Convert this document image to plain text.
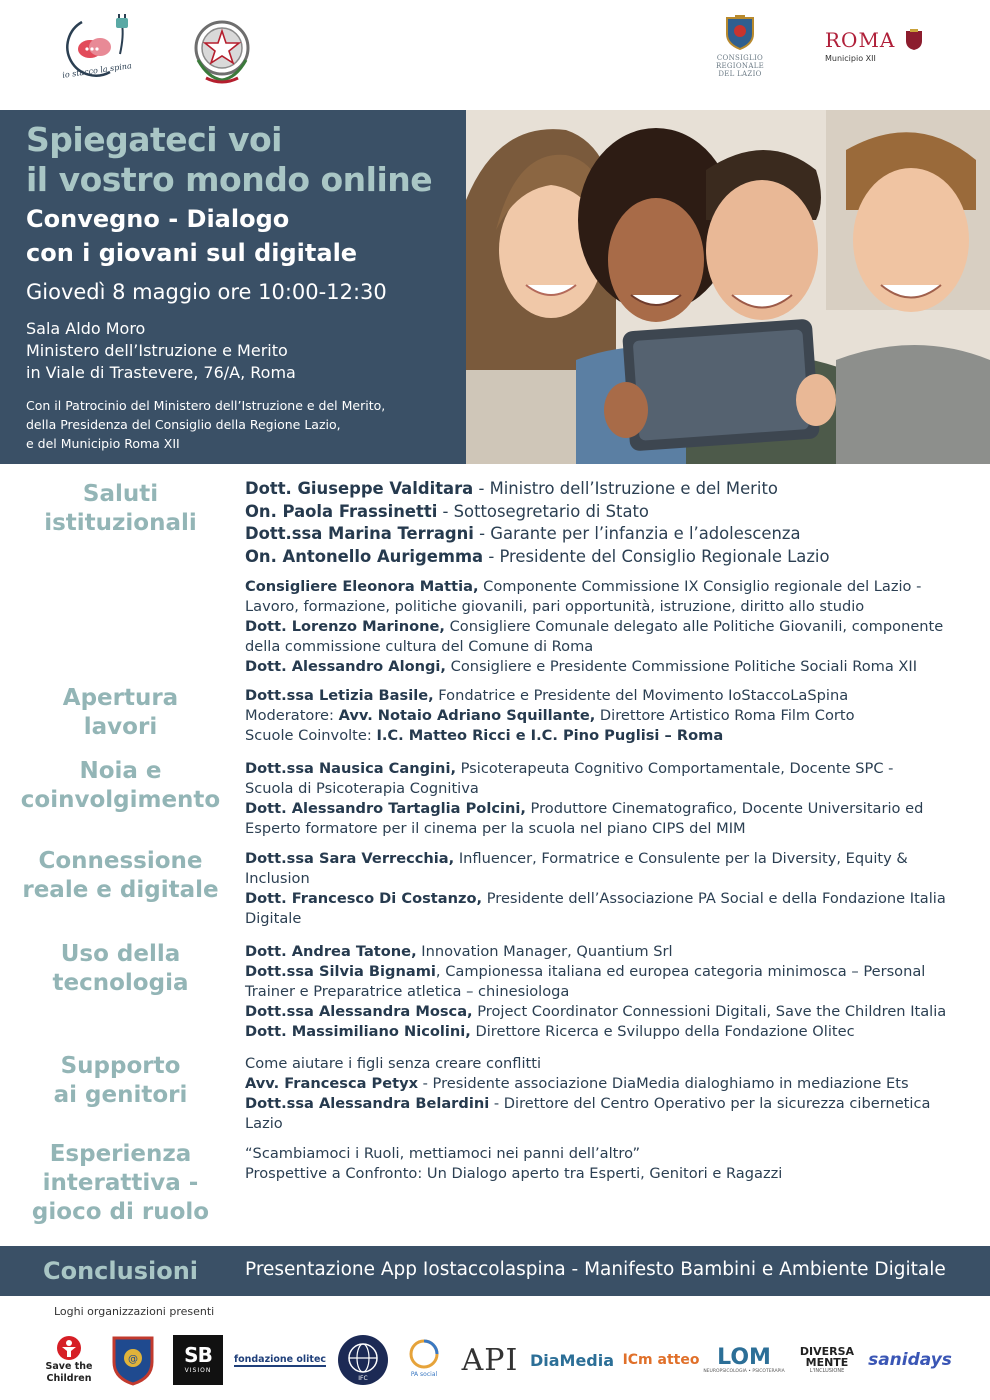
io stacco la spina
CONSIGLIO
REGIONALE
DEL LAZIO
ROMA
Municipio XII
Spiegateci voi
il vostro mondo online
Convegno - Dialogo
con i giovani sul digitale
Giovedì 8 maggio ore 10:00-12:30
Sala Aldo Moro
Ministero dell’Istruzione e Merito
in Viale di Trastevere, 76/A, Roma
Con il Patrocinio del Ministero dell’Istruzione e del Merito,
della Presidenza del Consiglio della Regione Lazio,
e del Municipio Roma XII
Saluti
istituzionali
Dott. Giuseppe Valditara - Ministro dell’Istruzione e del Merito
On. Paola Frassinetti - Sottosegretario di Stato
Dott.ssa Marina Terragni - Garante per l’infanzia e l’adolescenza
On. Antonello Aurigemma - Presidente del Consiglio Regionale Lazio
Consigliere Eleonora Mattia, Componente Commissione IX Consiglio regionale del Lazio -
Lavoro, formazione, politiche giovanili, pari opportunità, istruzione, diritto allo studio
Dott. Lorenzo Marinone, Consigliere Comunale delegato alle Politiche Giovanili, componente
della commissione cultura del Comune di Roma
Dott. Alessandro Alongi, Consigliere e Presidente Commissione Politiche Sociali Roma XII
Apertura
lavori
Dott.ssa Letizia Basile, Fondatrice e Presidente del Movimento IoStaccoLaSpina
Moderatore: Avv. Notaio Adriano Squillante, Direttore Artistico Roma Film Corto
Scuole Coinvolte: I.C. Matteo Ricci e I.C. Pino Puglisi – Roma
Noia e
coinvolgimento
Dott.ssa Nausica Cangini, Psicoterapeuta Cognitivo Comportamentale, Docente SPC -
Scuola di Psicoterapia Cognitiva
Dott. Alessandro Tartaglia Polcini, Produttore Cinematografico, Docente Universitario ed
Esperto formatore per il cinema per la scuola nel piano CIPS del MIM
Connessione
reale e digitale
Dott.ssa Sara Verrecchia, Influencer, Formatrice e Consulente per la Diversity, Equity &
Inclusion
Dott. Francesco Di Costanzo, Presidente dell’Associazione PA Social e della Fondazione Italia
Digitale
Uso della
tecnologia
Dott. Andrea Tatone, Innovation Manager, Quantium Srl
Dott.ssa Silvia Bignami, Campionessa italiana ed europea categoria minimosca – Personal
Trainer e Preparatrice atletica – chinesiologa
Dott.ssa Alessandra Mosca, Project Coordinator Connessioni Digitali, Save the Children Italia
Dott. Massimiliano Nicolini, Direttore Ricerca e Sviluppo della Fondazione Olitec
Supporto
ai genitori
Come aiutare i figli senza creare conflitti
Avv. Francesca Petyx - Presidente associazione DiaMedia dialoghiamo in mediazione Ets
Dott.ssa Alessandra Belardini - Direttore del Centro Operativo per la sicurezza cibernetica
Lazio
Esperienza
interattiva -
gioco di ruolo
“Scambiamoci i Ruoli, mettiamoci nei panni dell’altro”
Prospettive a Confronto: Un Dialogo aperto tra Esperti, Genitori e Ragazzi
Conclusioni	Presentazione App Iostaccolaspina - Manifesto Bambini e Ambiente Digitale
Loghi organizzazioni presenti
Save the
Children
@	SB
VISION
fondazione olitec
IFC
PA social API DiaMedia ICm atteo LOM
NEUROPSICOLOGIA • PSICOTERAPIA
DIVERSA
MENTE
L'INCLUSIONE
sanidays
